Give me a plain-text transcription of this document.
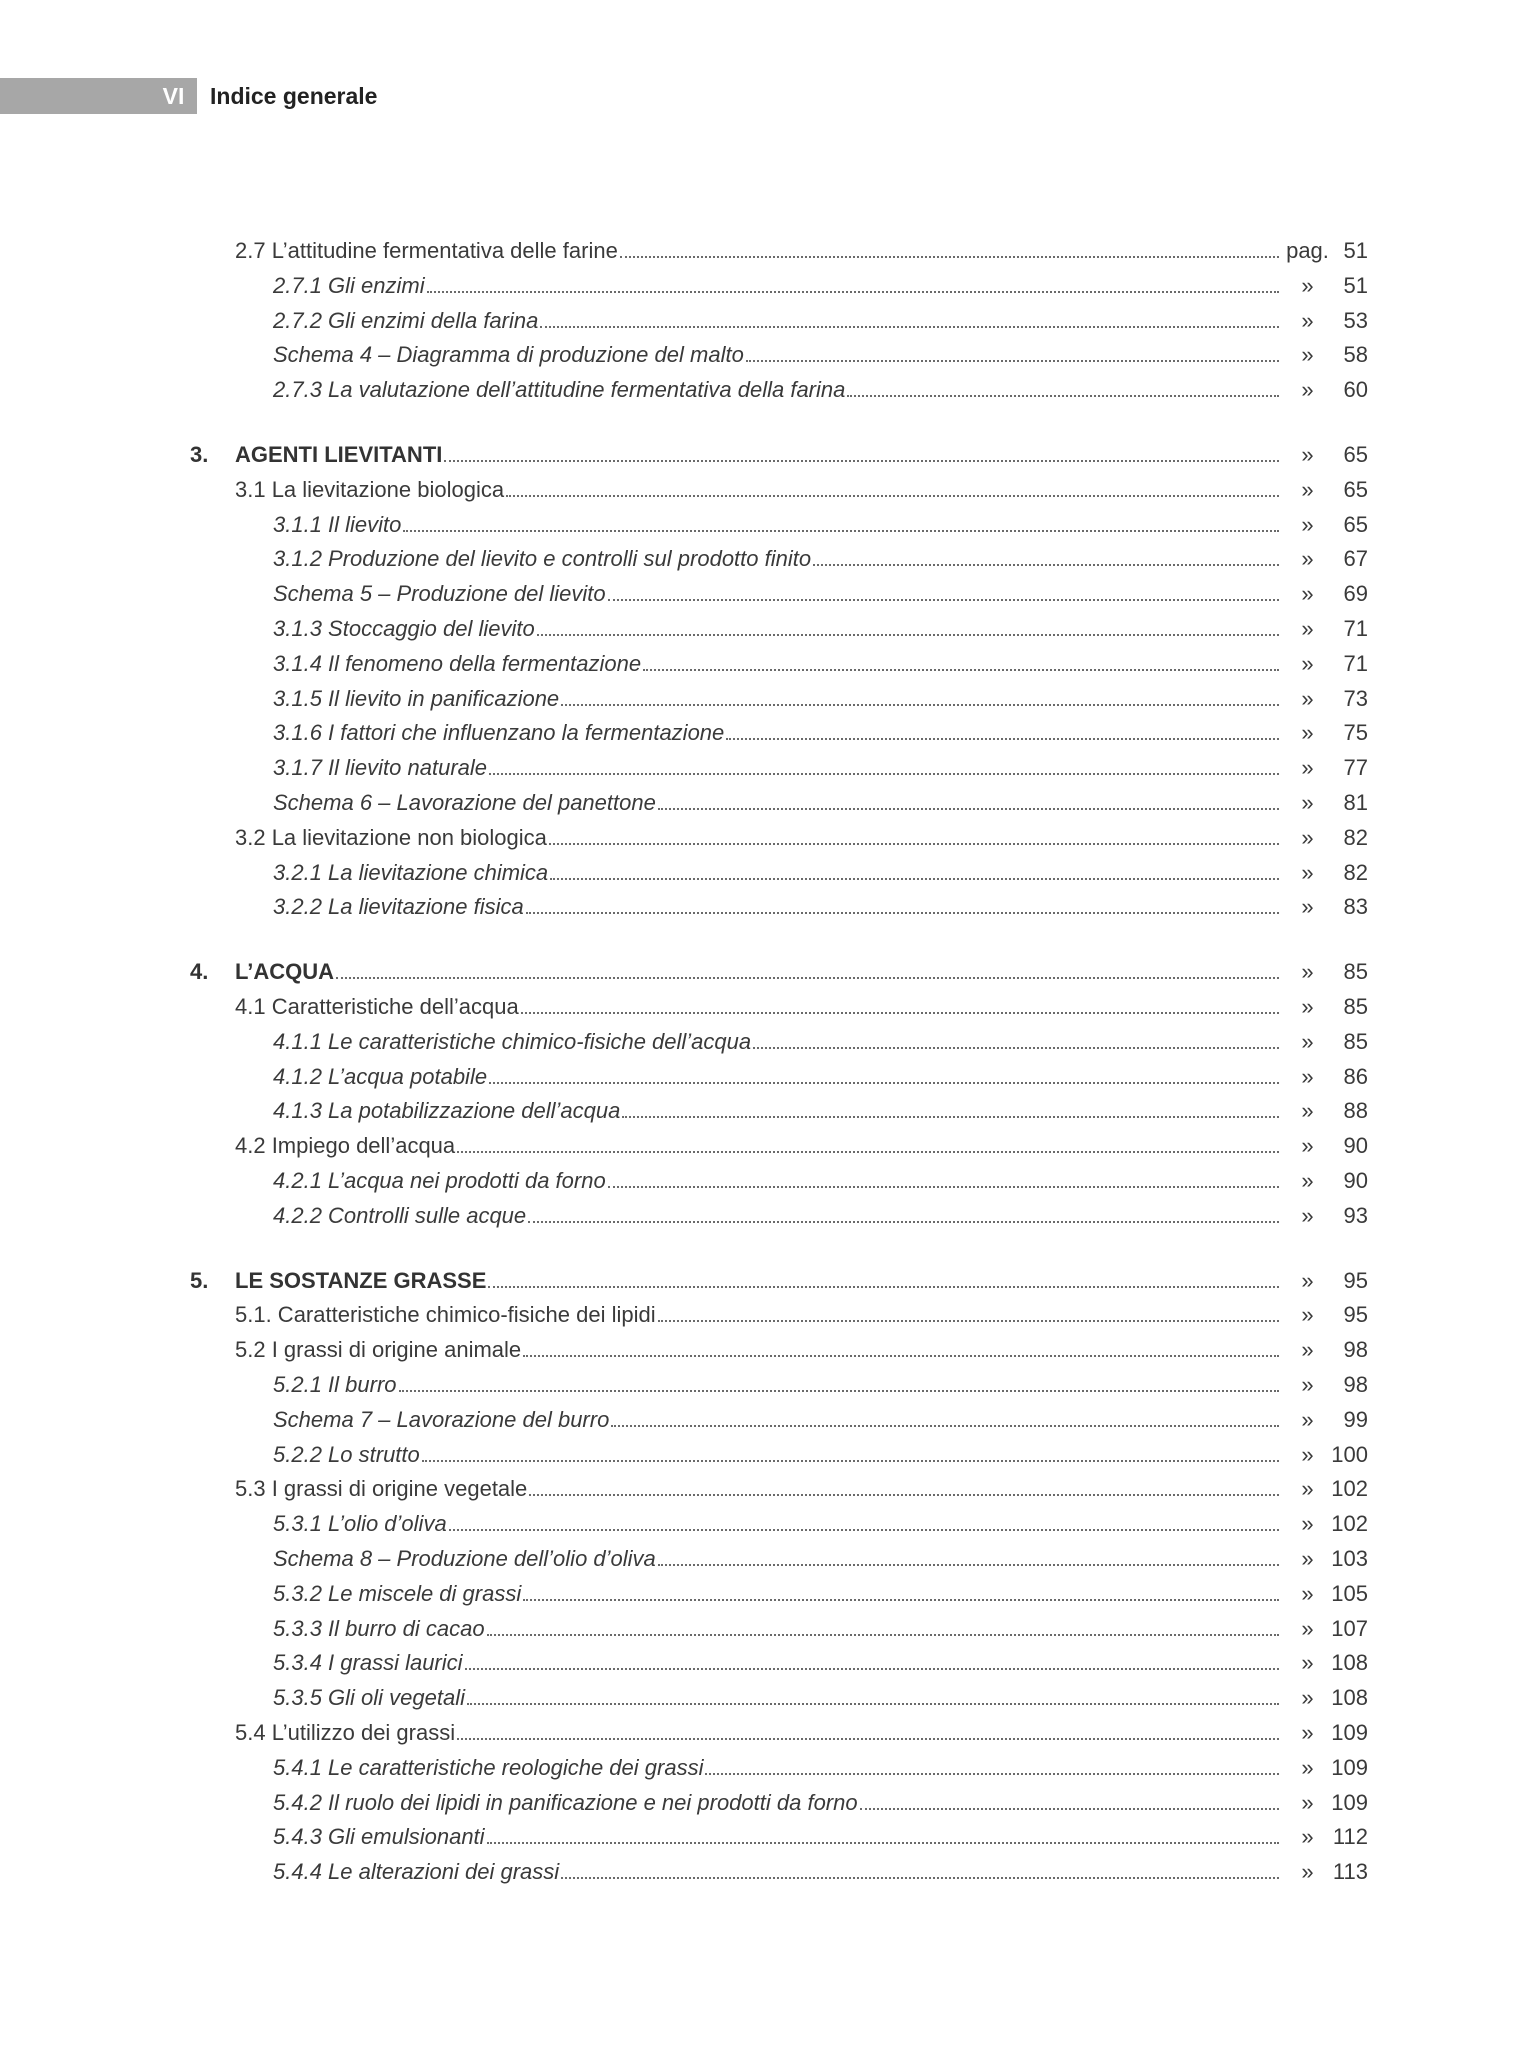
VI	Indice generale
2.7 L’attitudine fermentativa delle farine	pag. 51
2.7.1 Gli enzimi	»	51
2.7.2 Gli enzimi della farina	»	53
Schema 4 – Diagramma di produzione del malto	»	58
2.7.3 La valutazione dell’attitudine fermentativa della farina	»	60
3.	AGENTI LIEVITANTI	»	65
3.1 La lievitazione biologica	»	65
3.1.1 Il lievito	»	65
3.1.2 Produzione del lievito e controlli sul prodotto finito	»	67
Schema 5 – Produzione del lievito	»	69
3.1.3 Stoccaggio del lievito	»	71
3.1.4 Il fenomeno della fermentazione	»	71
3.1.5 Il lievito in panificazione	»	73
3.1.6 I fattori che influenzano la fermentazione	»	75
3.1.7 Il lievito naturale	»	77
Schema 6 – Lavorazione del panettone	»	81
3.2 La lievitazione non biologica	»	82
3.2.1 La lievitazione chimica	»	82
3.2.2 La lievitazione fisica	»	83
4.	L’ACQUA	»	85
4.1 Caratteristiche dell’acqua	»	85
4.1.1 Le caratteristiche chimico-fisiche dell’acqua	»	85
4.1.2 L’acqua potabile	»	86
4.1.3 La potabilizzazione dell’acqua	»	88
4.2 Impiego dell’acqua	»	90
4.2.1 L’acqua nei prodotti da forno	»	90
4.2.2 Controlli sulle acque	»	93
5.	LE SOSTANZE GRASSE	»	95
5.1. Caratteristiche chimico-fisiche dei lipidi	»	95
5.2 I grassi di origine animale	»	98
5.2.1 Il burro	»	98
Schema 7 – Lavorazione del burro	»	99
5.2.2 Lo strutto	» 100
5.3 I grassi di origine vegetale	» 102
5.3.1 L’olio d’oliva	» 102
Schema 8 – Produzione dell’olio d’oliva	» 103
5.3.2 Le miscele di grassi	» 105
5.3.3 Il burro di cacao	» 107
5.3.4 I grassi laurici	» 108
5.3.5 Gli oli vegetali	» 108
5.4 L’utilizzo dei grassi	» 109
5.4.1 Le caratteristiche reologiche dei grassi	» 109
5.4.2 Il ruolo dei lipidi in panificazione e nei prodotti da forno	» 109
5.4.3 Gli emulsionanti	» 112
5.4.4 Le alterazioni dei grassi	» 113
